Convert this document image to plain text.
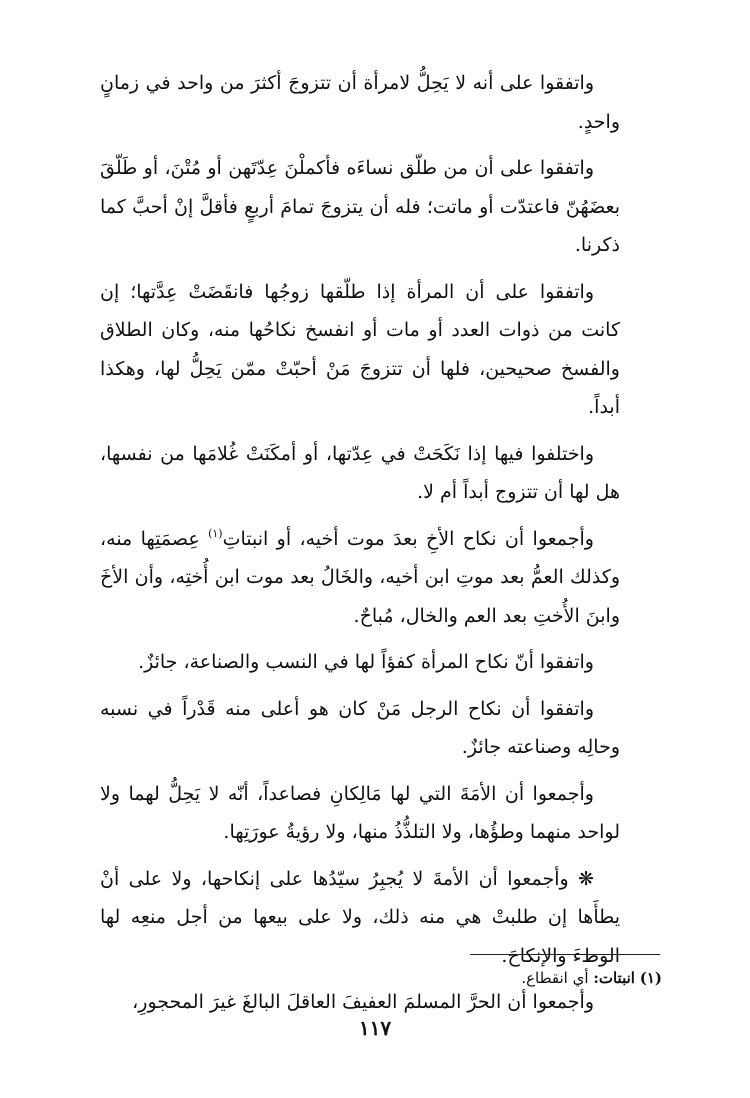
واتفقوا على أنه لا يَحِلُّ لامرأة أن تتزوجَ أكثرَ من واحد في زمانٍ واحدٍ.

واتفقوا على أن من طلّق نساءَه فأكملْنَ عِدّتَهن أو مُتْنَ، أو طَلّقَ بعضَهُنّ فاعتدّت أو ماتت؛ فله أن يتزوجَ تمامَ أربعٍ فأقلَّ إنْ أحبَّ كما ذكرنا.

واتفقوا على أن المرأة إذا طلّقها زوجُها فانقَضَتْ عِدَّتها؛ إن كانت من ذوات العدد أو مات أو انفسخ نكاحُها منه، وكان الطلاق والفسخ صحيحين، فلها أن تتزوجَ مَنْ أحبّتْ ممّن يَحِلُّ لها، وهكذا أبداً.

واختلفوا فيها إذا نَكَحَتْ في عِدّتها، أو أمكَنَتْ غُلامَها من نفسها، هل لها أن تتزوج أبداً أم لا.

وأجمعوا أن نكاح الأخِ بعدَ موت أخيه، أو انبتاتِ$^{(١)}$ عِصمَتِها منه، وكذلك العمُّ بعد موتِ ابن أخيه، والخَالُ بعد موت ابن أُختِه، وأن الأخَ وابنَ الأُختِ بعد العم والخال، مُباحٌ.

واتفقوا أنّ نكاح المرأة كفؤاً لها في النسب والصناعة، جائزٌ.

واتفقوا أن نكاح الرجل مَنْ كان هو أعلى منه قَدْراً في نسبه وحالِه وصناعته جائزٌ.

وأجمعوا أن الأمَةَ التي لها مَالِكانِ فصاعداً، أنّه لا يَحِلُّ لهما ولا لواحد منهما وطؤُها، ولا التلذُّذُ منها، ولا رؤيةُ عورَتِها.

❋ وأجمعوا أن الأمةَ لا يُجبِرُ سيّدُها على إنكاحها، ولا على أنْ يطأَها إن طلبتْ هي منه ذلك، ولا على بيعها من أجل منعِه لها الوطءَ والإنكاحَ.

وأجمعوا أن الحرَّ المسلمَ العفيفَ العاقلَ البالغَ غيرَ المحجورِ،

(١) انبتات: أي انقطاع.
١١٧
